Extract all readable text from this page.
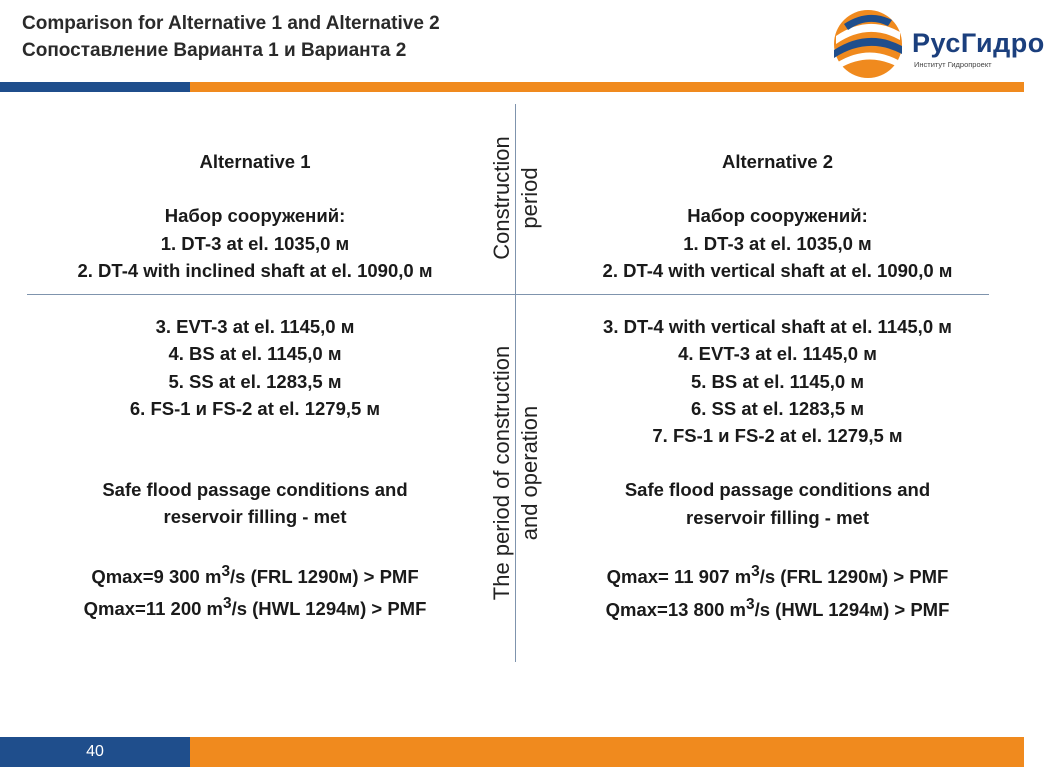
Comparison for Alternative 1 and Alternative 2
Сопоставление Варианта 1 и Варианта 2	РусГидро
Институт Гидропроект
Construction period
The period of construction and operation
Alternative 1
Набор сооружений:
1. DT-3 at el. 1035,0 м
2. DT-4 with inclined shaft at el. 1090,0 м
3. EVT-3 at el. 1145,0 м
4. BS at el. 1145,0 м
5. SS at el. 1283,5 м
6. FS-1 и FS-2 at el. 1279,5 м
Safe flood passage conditions and
reservoir filling - met
Qmax=9 300 $m^3/s$ (FRL 1290м) > PMF
Qmax=11 200 $m^3/s$ (HWL 1294м) > PMF
Alternative 2
Набор сооружений:
1. DT-3 at el. 1035,0 м
2. DT-4 with vertical shaft at el. 1090,0 м
3. DT-4 with vertical shaft at el. 1145,0 м
4. EVT-3 at el. 1145,0 м
5. BS at el. 1145,0 м
6. SS at el. 1283,5 м
7. FS-1 и FS-2 at el. 1279,5 м
Safe flood passage conditions and
reservoir filling - met
Qmax= 11 907 $m^3/s$ (FRL 1290м) > PMF
Qmax=13 800 $m^3/s$ (HWL 1294м) > PMF
40
